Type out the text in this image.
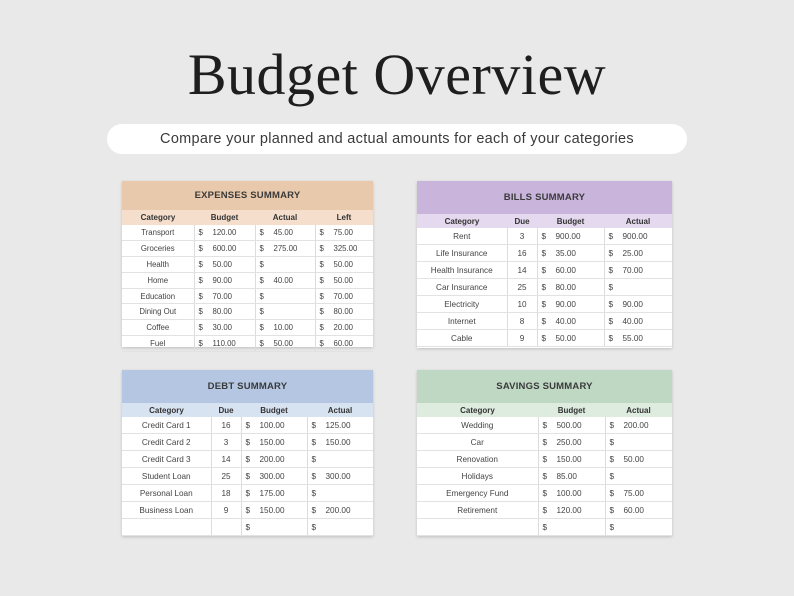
Budget Overview
Compare your planned and actual amounts for each of your categories
EXPENSES SUMMARY
Category	Budget	Actual	Left
Transport	$ 120.00	$ 45.00	$ 75.00
Groceries	$ 600.00	$ 275.00	$ 325.00
Health	$ 50.00	$	$ 50.00
Home	$ 90.00	$ 40.00	$ 50.00
Education	$ 70.00	$	$ 70.00
Dining Out	$ 80.00	$	$ 80.00
Coffee	$ 30.00	$ 10.00	$ 20.00
Fuel	$ 110.00	$ 50.00	$ 60.00
BILLS SUMMARY
Category	Due	Budget	Actual
Rent	3	$ 900.00	$ 900.00
Life Insurance	16	$ 35.00	$ 25.00
Health Insurance	14	$ 60.00	$ 70.00
Car Insurance	25	$ 80.00	$
Electricity	10	$ 90.00	$ 90.00
Internet	8	$ 40.00	$ 40.00
Cable	9	$ 50.00	$ 55.00
DEBT SUMMARY
Category	Due	Budget	Actual
Credit Card 1	16	$ 100.00	$ 125.00
Credit Card 2	3	$ 150.00	$ 150.00
Credit Card 3	14	$ 200.00	$
Student Loan	25	$ 300.00	$ 300.00
Personal Loan	18	$ 175.00	$
Business Loan	9	$ 150.00	$ 200.00
		$	$
SAVINGS SUMMARY
Category	Budget	Actual
Wedding	$ 500.00	$ 200.00
Car	$ 250.00	$
Renovation	$ 150.00	$ 50.00
Holidays	$ 85.00	$
Emergency Fund	$ 100.00	$ 75.00
Retirement	$ 120.00	$ 60.00
	$	$
